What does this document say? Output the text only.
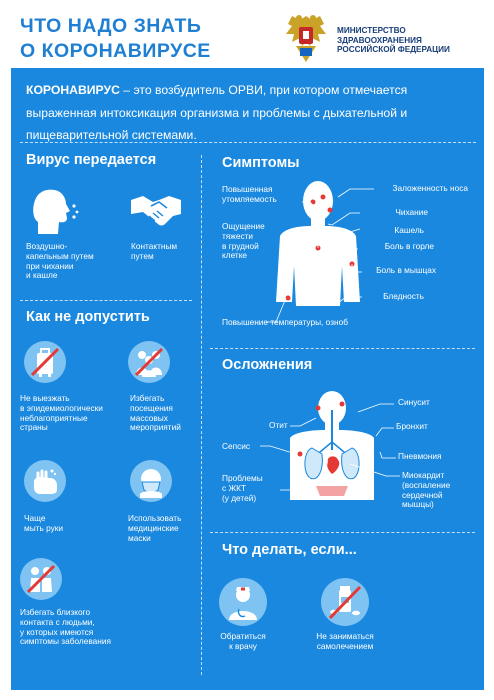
ЧТО НАДО ЗНАТЬ
О КОРОНАВИРУСЕ
МИНИСТЕРСТВО
ЗДРАВООХРАНЕНИЯ
РОССИЙСКОЙ ФЕДЕРАЦИИ
КОРОНАВИРУС – это возбудитель ОРВИ, при котором отмечается выраженная интоксикация организма и проблемы с дыхательной и пищеварительной системами.
Вирус передается
Воздушно-
капельным путем
при чихании
и кашле
Контактным
путем
Как не допустить
Не выезжать
в эпидемиологически
неблагоприятные
страны
Избегать
посещения
массовых
мероприятий
Чаще
мыть руки
Использовать
медицинские
маски
Избегать близкого
контакта с людьми,
у которых имеются
симптомы заболевания
Симптомы
Повышенная
утомляемость
Ощущение
тяжести
в грудной
клетке
Повышение температуры, озноб
Заложенность носа
Чихание
Кашель
Боль в горле
Боль в мышцах
Бледность
Осложнения
Отит
Сепсис
Проблемы
с ЖКТ
(у детей)
Синусит
Бронхит
Пневмония
Миокардит
(воспаление
сердечной
мышцы)
Что делать, если...
Обратиться
к врачу
Не заниматься
самолечением
